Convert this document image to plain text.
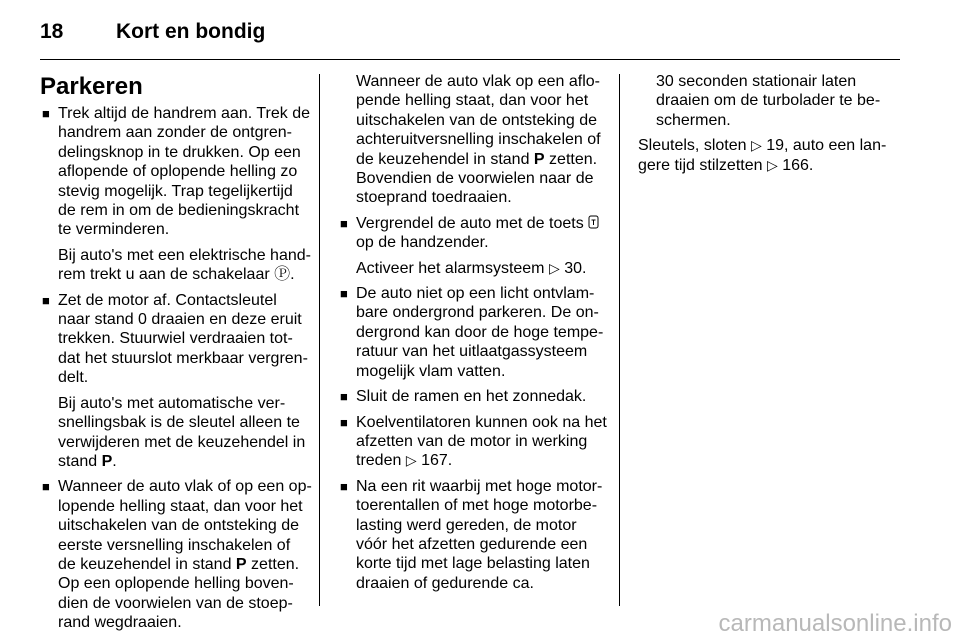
18	Kort en bondig
Parkeren
■ Trek altijd de handrem aan. Trek de
handrem aan zonder de ontgren-
delingsknop in te drukken. Op een
aflopende of oplopende helling zo
stevig mogelijk. Trap tegelijkertijd
de rem in om de bedieningskracht
te verminderen.
Bij auto's met een elektrische hand-
rem trekt u aan de schakelaar Ⓟ.
■ Zet de motor af. Contactsleutel
naar stand 0 draaien en deze eruit
trekken. Stuurwiel verdraaien tot-
dat het stuurslot merkbaar vergren-
delt.
Bij auto's met automatische ver-
snellingsbak is de sleutel alleen te
verwijderen met de keuzehendel in
stand P.
■ Wanneer de auto vlak of op een op-
lopende helling staat, dan voor het
uitschakelen van de ontsteking de
eerste versnelling inschakelen of
de keuzehendel in stand P zetten.
Op een oplopende helling boven-
dien de voorwielen van de stoep-
rand wegdraaien.
Wanneer de auto vlak op een aflo-
pende helling staat, dan voor het
uitschakelen van de ontsteking de
achteruitversnelling inschakelen of
de keuzehendel in stand P zetten.
Bovendien de voorwielen naar de
stoeprand toedraaien.
■ Vergrendel de auto met de toets
op de handzender.
Activeer het alarmsysteem ▷ 30.
■ De auto niet op een licht ontvlam-
bare ondergrond parkeren. De on-
dergrond kan door de hoge tempe-
ratuur van het uitlaatgassysteem
mogelijk vlam vatten.
■ Sluit de ramen en het zonnedak.
■ Koelventilatoren kunnen ook na het
afzetten van de motor in werking
treden ▷ 167.
■ Na een rit waarbij met hoge motor-
toerentallen of met hoge motorbe-
lasting werd gereden, de motor
vóór het afzetten gedurende een
korte tijd met lage belasting laten
draaien of gedurende ca.
30 seconden stationair laten
draaien om de turbolader te be-
schermen.
Sleutels, sloten ▷ 19, auto een lan-
gere tijd stilzetten ▷ 166.
carmanualsonline.info
